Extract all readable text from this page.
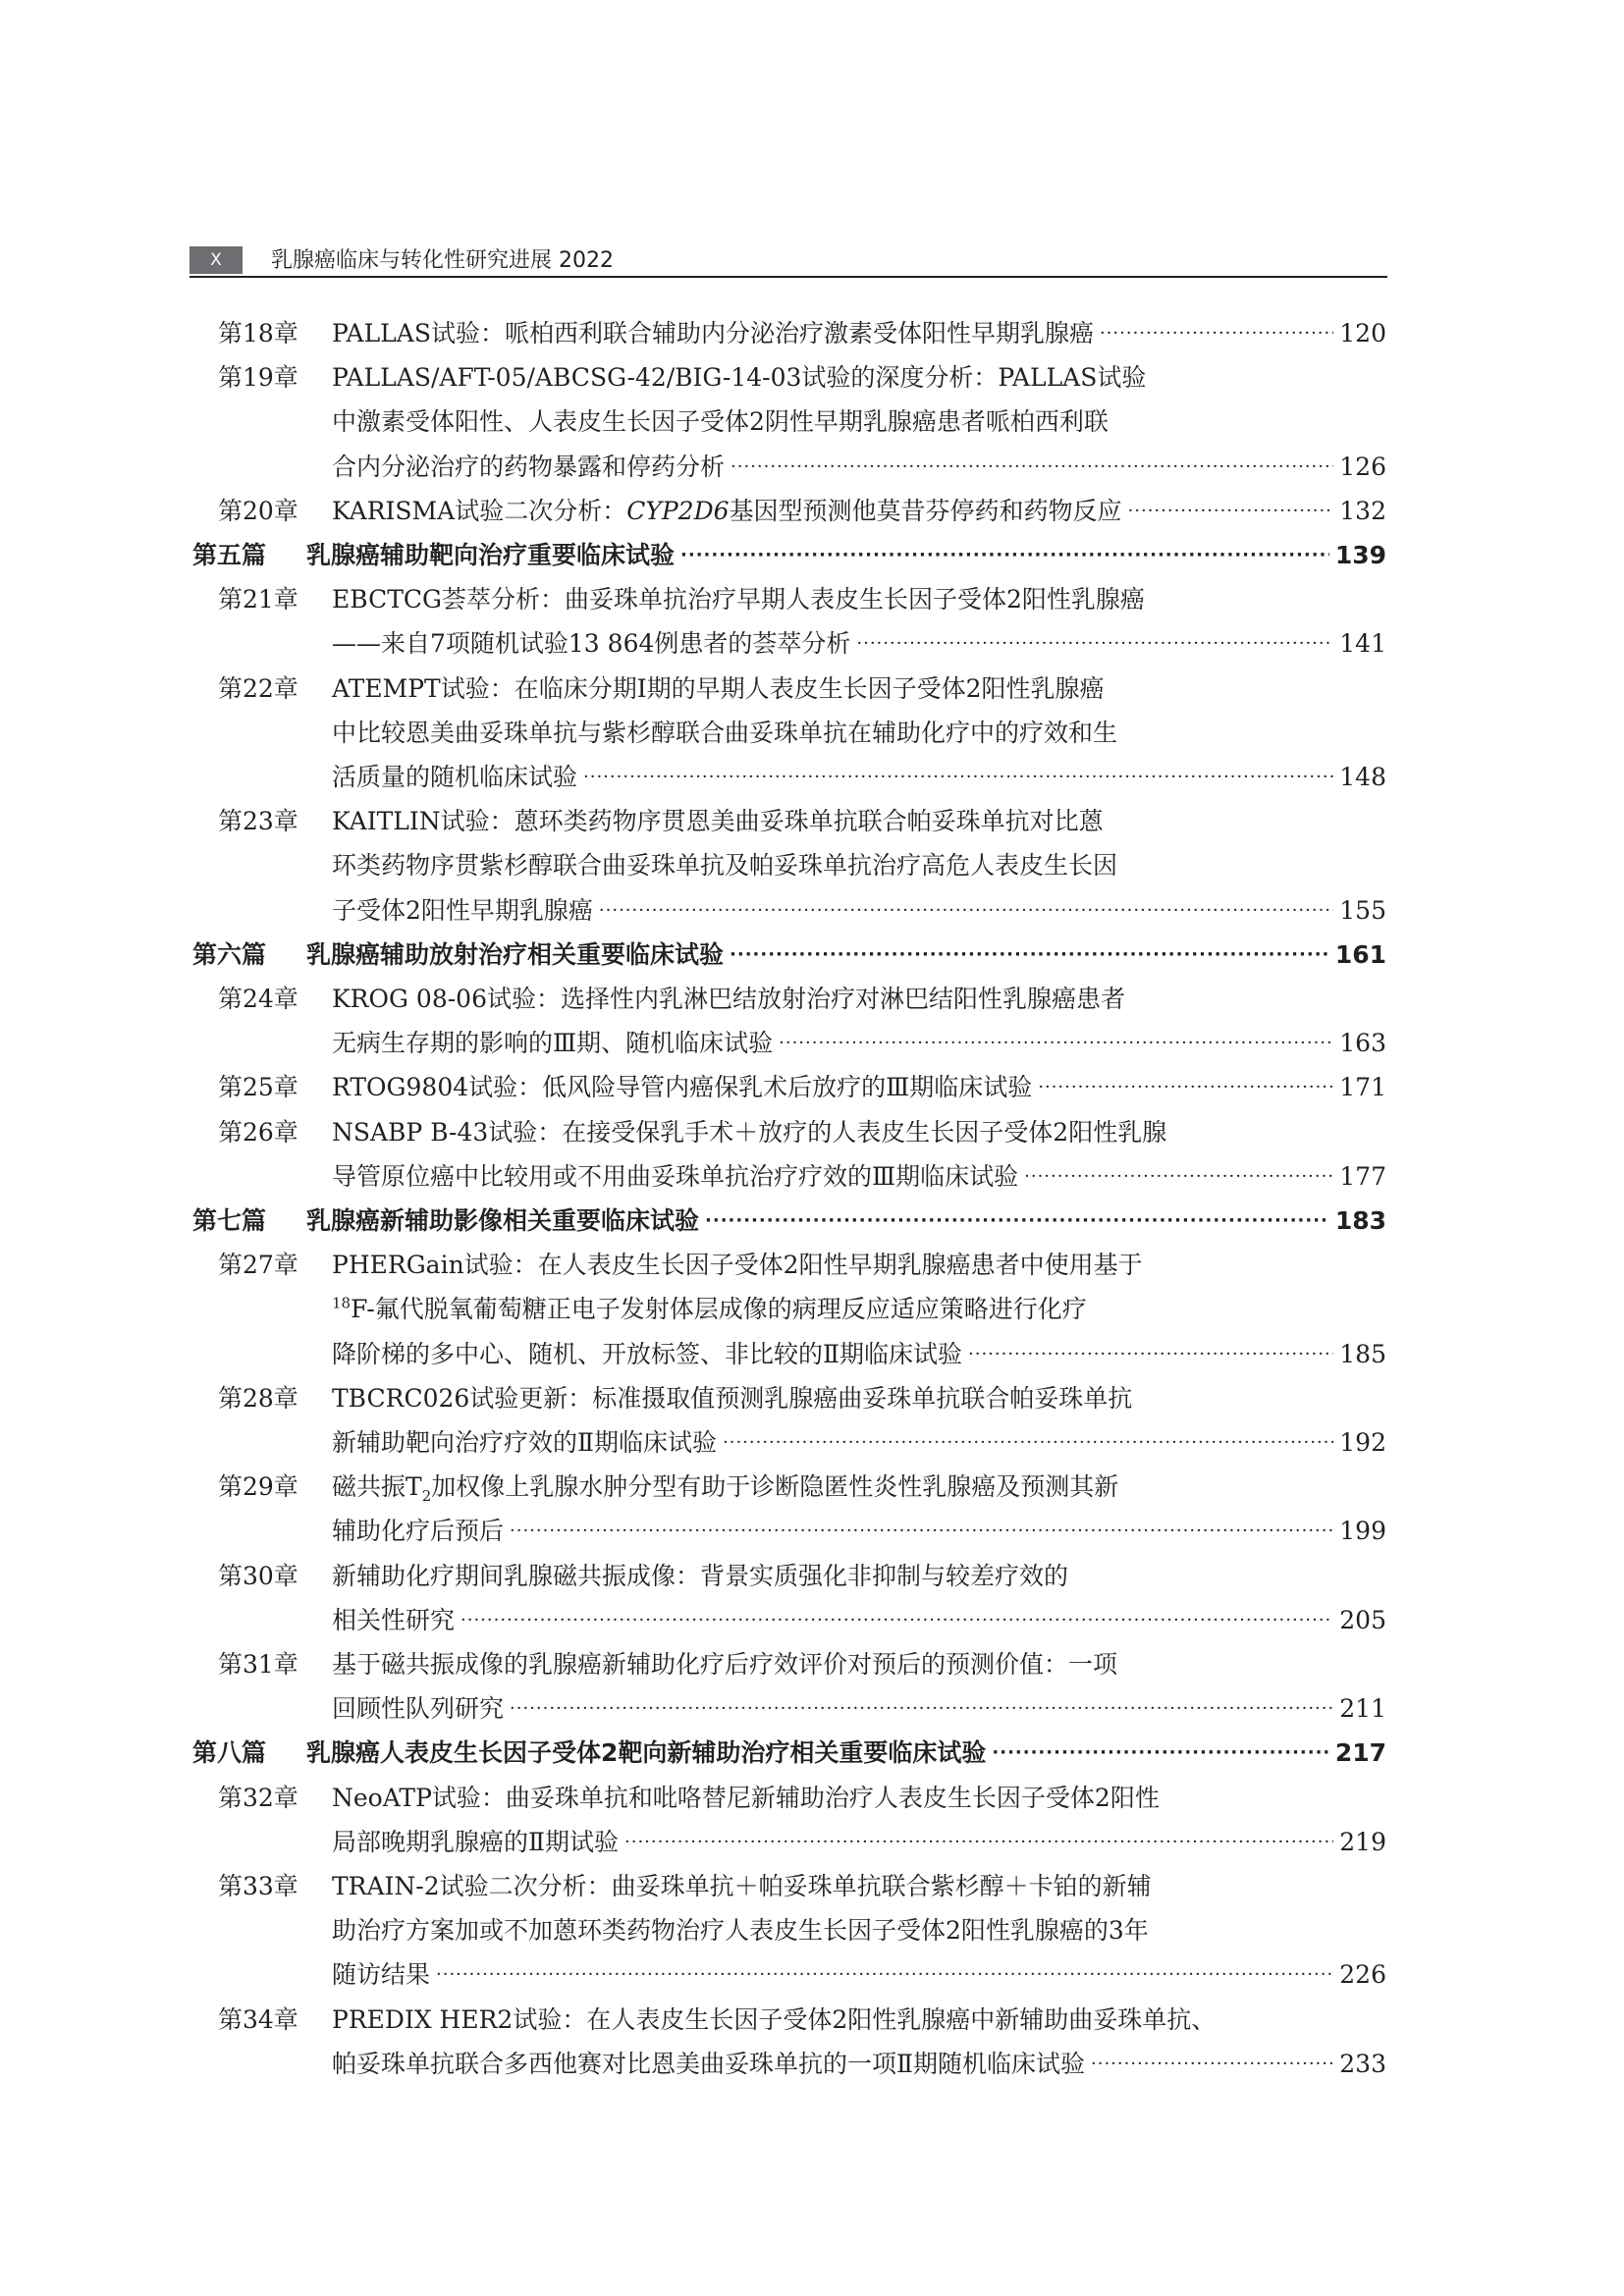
X	乳腺癌临床与转化性研究进展 2022
第18章 PALLAS试验：哌柏西利联合辅助内分泌治疗激素受体阳性早期乳腺癌 ·····	120
第19章 PALLAS/AFT-05/ABCSG-42/BIG-14-03试验的深度分析：PALLAS试验
中激素受体阳性、人表皮生长因子受体2阴性早期乳腺癌患者哌柏西利联
合内分泌治疗的药物暴露和停药分析 ·····	126
第20章 KARISMA试验二次分析：CYP2D6基因型预测他莫昔芬停药和药物反应 ·····	132
第五篇 乳腺癌辅助靶向治疗重要临床试验 ·····	139
第21章 EBCTCG荟萃分析：曲妥珠单抗治疗早期人表皮生长因子受体2阳性乳腺癌
——来自7项随机试验13 864例患者的荟萃分析 ·····	141
第22章 ATEMPT试验：在临床分期Ⅰ期的早期人表皮生长因子受体2阳性乳腺癌
中比较恩美曲妥珠单抗与紫杉醇联合曲妥珠单抗在辅助化疗中的疗效和生
活质量的随机临床试验 ·····	148
第23章 KAITLIN试验：蒽环类药物序贯恩美曲妥珠单抗联合帕妥珠单抗对比蒽
环类药物序贯紫杉醇联合曲妥珠单抗及帕妥珠单抗治疗高危人表皮生长因
子受体2阳性早期乳腺癌 ·····	155
第六篇 乳腺癌辅助放射治疗相关重要临床试验 ·····	161
第24章 KROG 08-06试验：选择性内乳淋巴结放射治疗对淋巴结阳性乳腺癌患者
无病生存期的影响的Ⅲ期、随机临床试验 ·····	163
第25章 RTOG9804试验：低风险导管内癌保乳术后放疗的Ⅲ期临床试验 ·····	171
第26章 NSABP B-43试验：在接受保乳手术＋放疗的人表皮生长因子受体2阳性乳腺
导管原位癌中比较用或不用曲妥珠单抗治疗疗效的Ⅲ期临床试验 ·····	177
第七篇 乳腺癌新辅助影像相关重要临床试验 ·····	183
第27章 PHERGain试验：在人表皮生长因子受体2阳性早期乳腺癌患者中使用基于
$^{18}$F-氟代脱氧葡萄糖正电子发射体层成像的病理反应适应策略进行化疗
降阶梯的多中心、随机、开放标签、非比较的Ⅱ期临床试验 ·····	185
第28章 TBCRC026试验更新：标准摄取值预测乳腺癌曲妥珠单抗联合帕妥珠单抗
新辅助靶向治疗疗效的Ⅱ期临床试验 ·····	192
第29章 磁共振$T_2$加权像上乳腺水肿分型有助于诊断隐匿性炎性乳腺癌及预测其新
辅助化疗后预后 ·····	199
第30章 新辅助化疗期间乳腺磁共振成像：背景实质强化非抑制与较差疗效的
相关性研究 ·····	205
第31章 基于磁共振成像的乳腺癌新辅助化疗后疗效评价对预后的预测价值：一项
回顾性队列研究 ·····	211
第八篇 乳腺癌人表皮生长因子受体2靶向新辅助治疗相关重要临床试验 ·····	217
第32章 NeoATP试验：曲妥珠单抗和吡咯替尼新辅助治疗人表皮生长因子受体2阳性
局部晚期乳腺癌的Ⅱ期试验 ·····	219
第33章 TRAIN-2试验二次分析：曲妥珠单抗＋帕妥珠单抗联合紫杉醇＋卡铂的新辅
助治疗方案加或不加蒽环类药物治疗人表皮生长因子受体2阳性乳腺癌的3年
随访结果 ·····	226
第34章 PREDIX HER2试验：在人表皮生长因子受体2阳性乳腺癌中新辅助曲妥珠单抗、
帕妥珠单抗联合多西他赛对比恩美曲妥珠单抗的一项Ⅱ期随机临床试验 ·····	233
